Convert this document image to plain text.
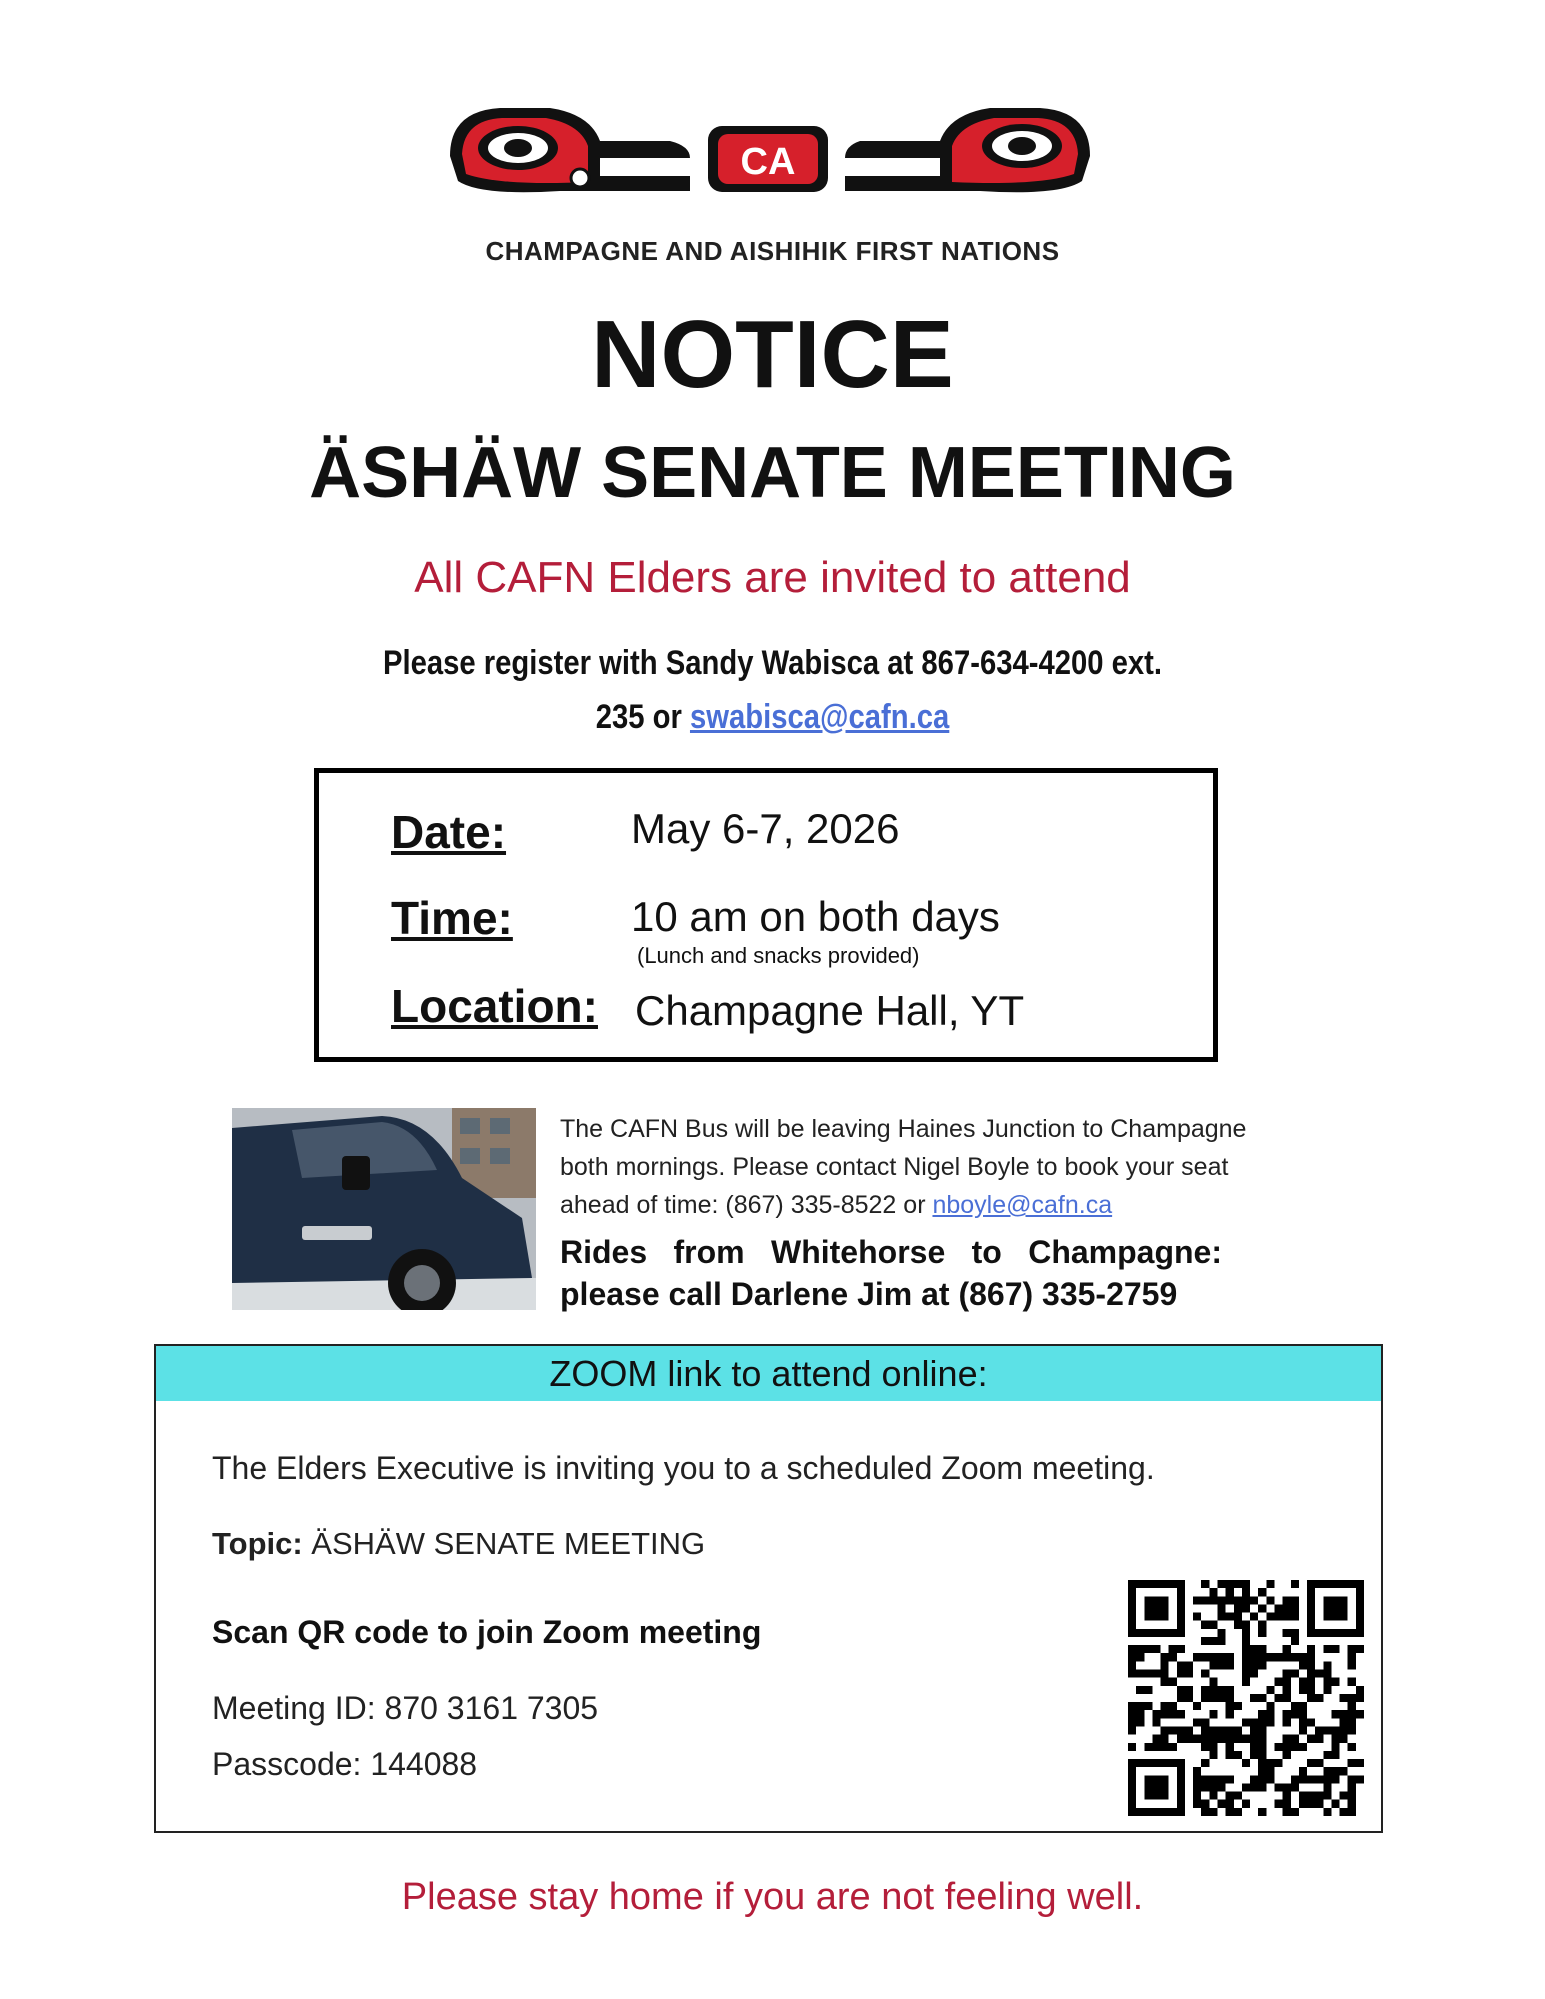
CA
CHAMPAGNE AND AISHIHIK FIRST NATIONS
NOTICE
ÄSHÄW SENATE MEETING
All CAFN Elders are invited to attend
Please register with Sandy Wabisca at 867-634-4200 ext.
235 or swabisca@cafn.ca
Date:	May 6-7, 2026
Time:	10 am on both days
(Lunch and snacks provided)
Location: Champagne Hall, YT
The CAFN Bus will be leaving Haines Junction to Champagne
both mornings. Please contact Nigel Boyle to book your seat
ahead of time: (867) 335-8522 or nboyle@cafn.ca
Rides from Whitehorse to Champagne:
please call Darlene Jim at (867) 335-2759
ZOOM link to attend online:
The Elders Executive is inviting you to a scheduled Zoom meeting.
Topic: ÄSHÄW SENATE MEETING
Scan QR code to join Zoom meeting
Meeting ID: 870 3161 7305
Passcode: 144088
Please stay home if you are not feeling well.
